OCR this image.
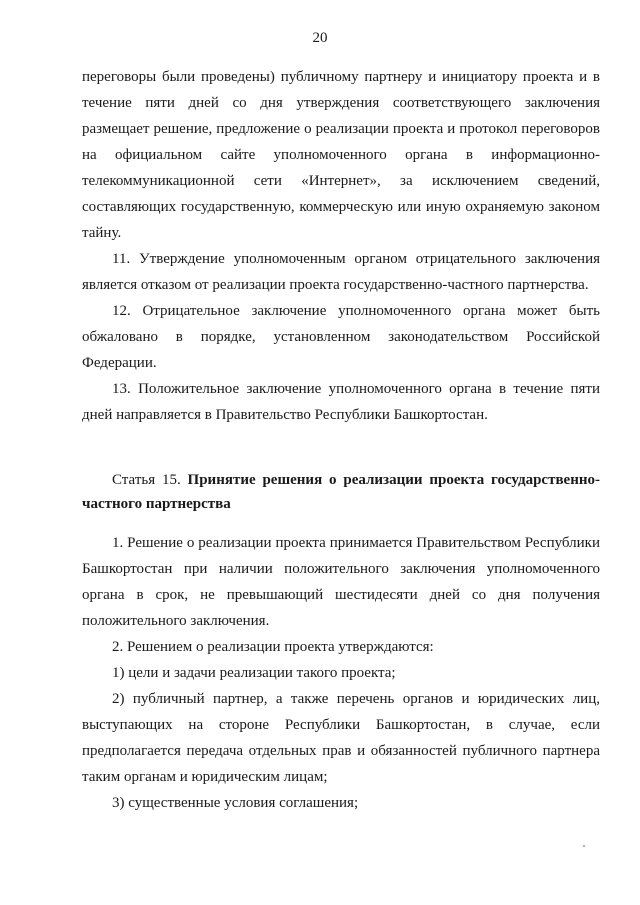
20

переговоры были проведены) публичному партнеру и инициатору проекта и в течение пяти дней со дня утверждения соответствующего заключения размещает решение, предложение о реализации проекта и протокол переговоров на официальном сайте уполномоченного органа в информационно-телекоммуникационной сети «Интернет», за исключением сведений, составляющих государственную, коммерческую или иную охраняемую законом тайну.

11. Утверждение уполномоченным органом отрицательного заключения является отказом от реализации проекта государственно-частного партнерства.

12. Отрицательное заключение уполномоченного органа может быть обжаловано в порядке, установленном законодательством Российской Федерации.

13. Положительное заключение уполномоченного органа в течение пяти дней направляется в Правительство Республики Башкортостан.

Статья 15. Принятие решения о реализации проекта государственно-частного партнерства

1. Решение о реализации проекта принимается Правительством Республики Башкортостан при наличии положительного заключения уполномоченного органа в срок, не превышающий шестидесяти дней со дня получения положительного заключения.

2. Решением о реализации проекта утверждаются:

1) цели и задачи реализации такого проекта;

2) публичный партнер, а также перечень органов и юридических лиц, выступающих на стороне Республики Башкортостан, в случае, если предполагается передача отдельных прав и обязанностей публичного партнера таким органам и юридическим лицам;

3) существенные условия соглашения;
